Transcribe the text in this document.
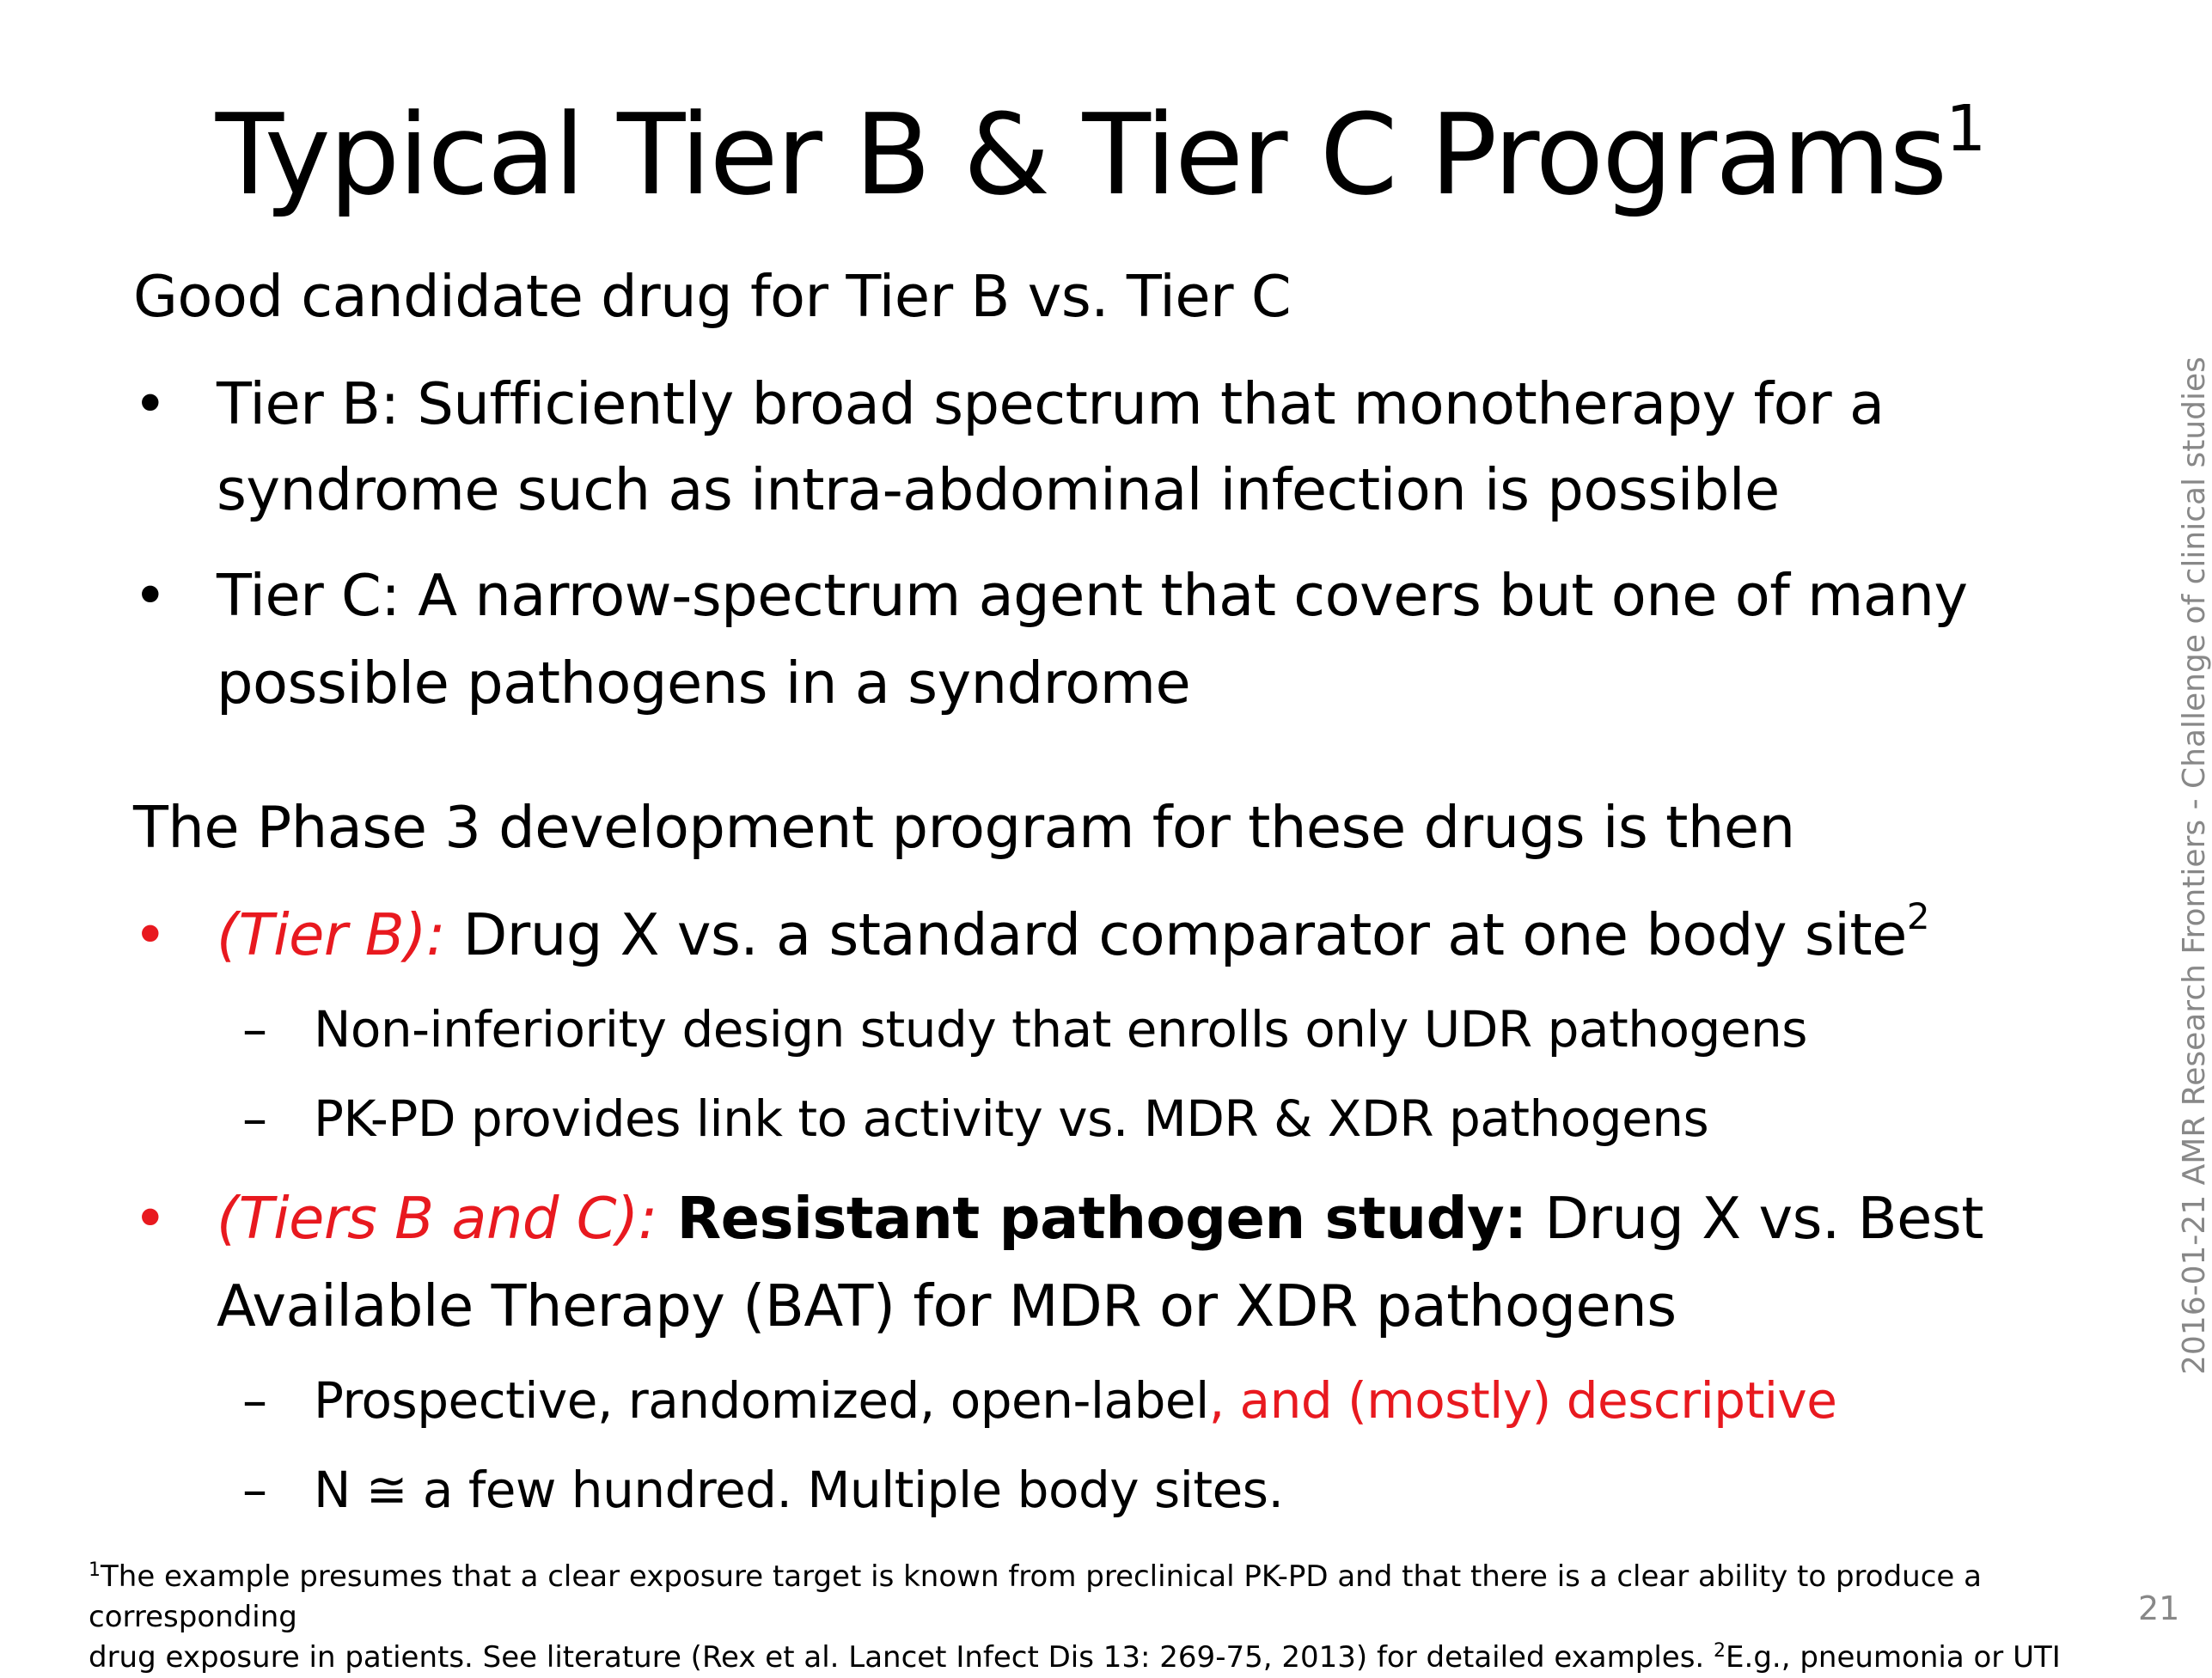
Typical Tier B & Tier C Programs$^1$
Good candidate drug for Tier B vs. Tier C
• Tier B: Sufficiently broad spectrum that monotherapy for a
syndrome such as intra-abdominal infection is possible
• Tier C: A narrow-spectrum agent that covers but one of many
possible pathogens in a syndrome
The Phase 3 development program for these drugs is then
• (Tier B): Drug X vs. a standard comparator at one body site$^2$
– Non-inferiority design study that enrolls only UDR pathogens
– PK-PD provides link to activity vs. MDR & XDR pathogens
• (Tiers B and C): Resistant pathogen study: Drug X vs. Best
Available Therapy (BAT) for MDR or XDR pathogens
– Prospective, randomized, open-label, and (mostly) descriptive
– N ≅ a few hundred. Multiple body sites.
2016-01-21 AMR Research Frontiers - Challenge of clinical studies
$^1$The example presumes that a clear exposure target is known from preclinical PK-PD and that there is a clear ability to produce a corresponding
drug exposure in patients. See literature (Rex et al. Lancet Infect Dis 13: 269-75, 2013) for detailed examples. $^2$E.g., pneumonia or UTI
21
